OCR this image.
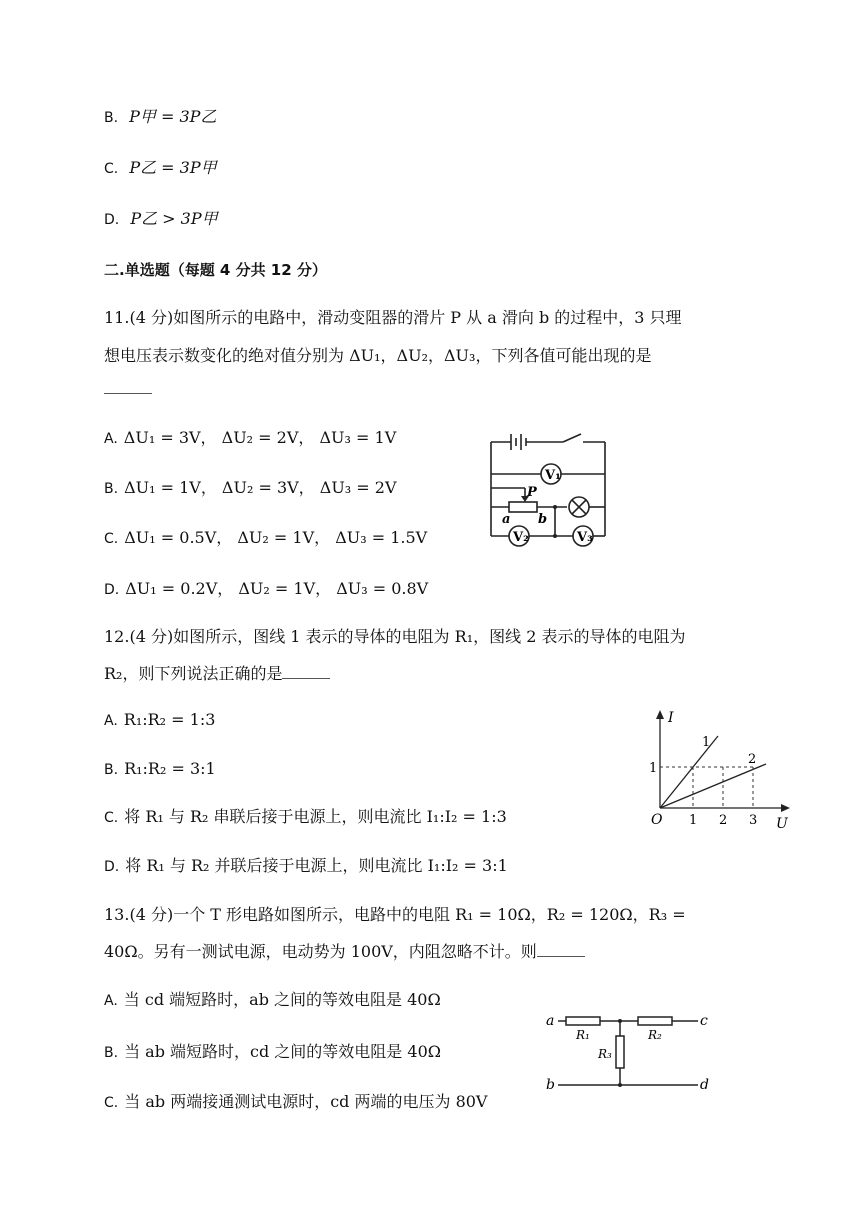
B. P甲 = 3P乙
C. P乙 = 3P甲
D. P乙 > 3P甲
二.单选题（每题 4 分共 12 分）
11.(4 分)如图所示的电路中，滑动变阻器的滑片 P 从 a 滑向 b 的过程中，3 只理
想电压表示数变化的绝对值分别为 ΔU₁，ΔU₂，ΔU₃，下列各值可能出现的是
A. ΔU₁ = 3V， ΔU₂ = 2V， ΔU₃ = 1V
B. ΔU₁ = 1V， ΔU₂ = 3V， ΔU₃ = 2V
C. ΔU₁ = 0.5V， ΔU₂ = 1V， ΔU₃ = 1.5V
D. ΔU₁ = 0.2V， ΔU₂ = 1V， ΔU₃ = 0.8V
V₁
V₂	V₃
P
a b
12.(4 分)如图所示，图线 1 表示的导体的电阻为 R₁，图线 2 表示的导体的电阻为
R₂，则下列说法正确的是
A. R₁:R₂ = 1:3
B. R₁:R₂ = 3:1
C. 将 R₁ 与 R₂ 串联后接于电源上，则电流比 I₁:I₂ = 1:3
D. 将 R₁ 与 R₂ 并联后接于电源上，则电流比 I₁:I₂ = 3:1
I
U
O
1
1 2 3
1
2
13.(4 分)一个 T 形电路如图所示，电路中的电阻 R₁ = 10Ω，R₂ = 120Ω，R₃ =
40Ω。另有一测试电源，电动势为 100V，内阻忽略不计。则
A. 当 cd 端短路时，ab 之间的等效电阻是 40Ω
B. 当 ab 端短路时，cd 之间的等效电阻是 40Ω
C. 当 ab 两端接通测试电源时，cd 两端的电压为 80V
a
b
c
d
R₁	R₂
R₃
